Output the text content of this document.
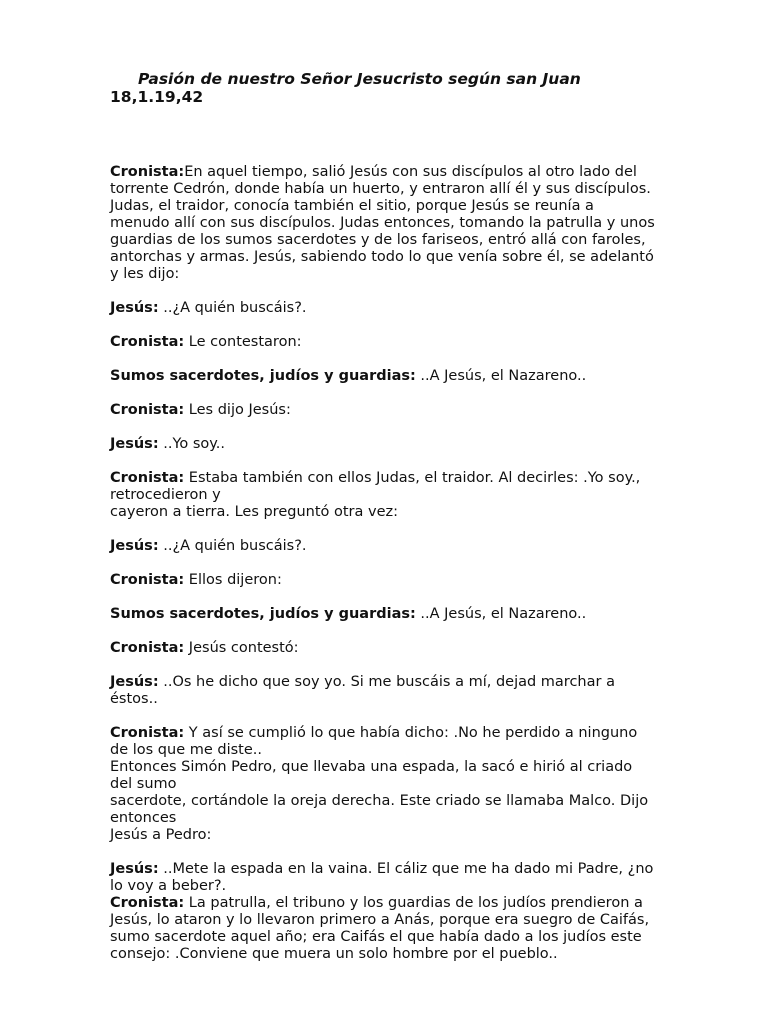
Pasión de nuestro Señor Jesucristo según san Juan
18,1.19,42

Cronista:En aquel tiempo, salió Jesús con sus discípulos al otro lado del
torrente Cedrón, donde había un huerto, y entraron allí él y sus discípulos.
Judas, el traidor, conocía también el sitio, porque Jesús se reunía a
menudo allí con sus discípulos. Judas entonces, tomando la patrulla y unos
guardias de los sumos sacerdotes y de los fariseos, entró allá con faroles,
antorchas y armas. Jesús, sabiendo todo lo que venía sobre él, se adelantó
y les dijo:

Jesús: ..¿A quién buscáis?.

Cronista: Le contestaron:

Sumos sacerdotes, judíos y guardias: ..A Jesús, el Nazareno..

Cronista: Les dijo Jesús:

Jesús: ..Yo soy..

Cronista: Estaba también con ellos Judas, el traidor. Al decirles: .Yo soy.,
retrocedieron y
cayeron a tierra. Les preguntó otra vez:

Jesús: ..¿A quién buscáis?.

Cronista: Ellos dijeron:

Sumos sacerdotes, judíos y guardias: ..A Jesús, el Nazareno..

Cronista: Jesús contestó:

Jesús: ..Os he dicho que soy yo. Si me buscáis a mí, dejad marchar a
éstos..

Cronista: Y así se cumplió lo que había dicho: .No he perdido a ninguno
de los que me diste..
Entonces Simón Pedro, que llevaba una espada, la sacó e hirió al criado
del sumo
sacerdote, cortándole la oreja derecha. Este criado se llamaba Malco. Dijo
entonces
Jesús a Pedro:

Jesús: ..Mete la espada en la vaina. El cáliz que me ha dado mi Padre, ¿no
lo voy a beber?.

Cronista: La patrulla, el tribuno y los guardias de los judíos prendieron a
Jesús, lo ataron y lo llevaron primero a Anás, porque era suegro de Caifás,
sumo sacerdote aquel año; era Caifás el que había dado a los judíos este
consejo: .Conviene que muera un solo hombre por el pueblo..
